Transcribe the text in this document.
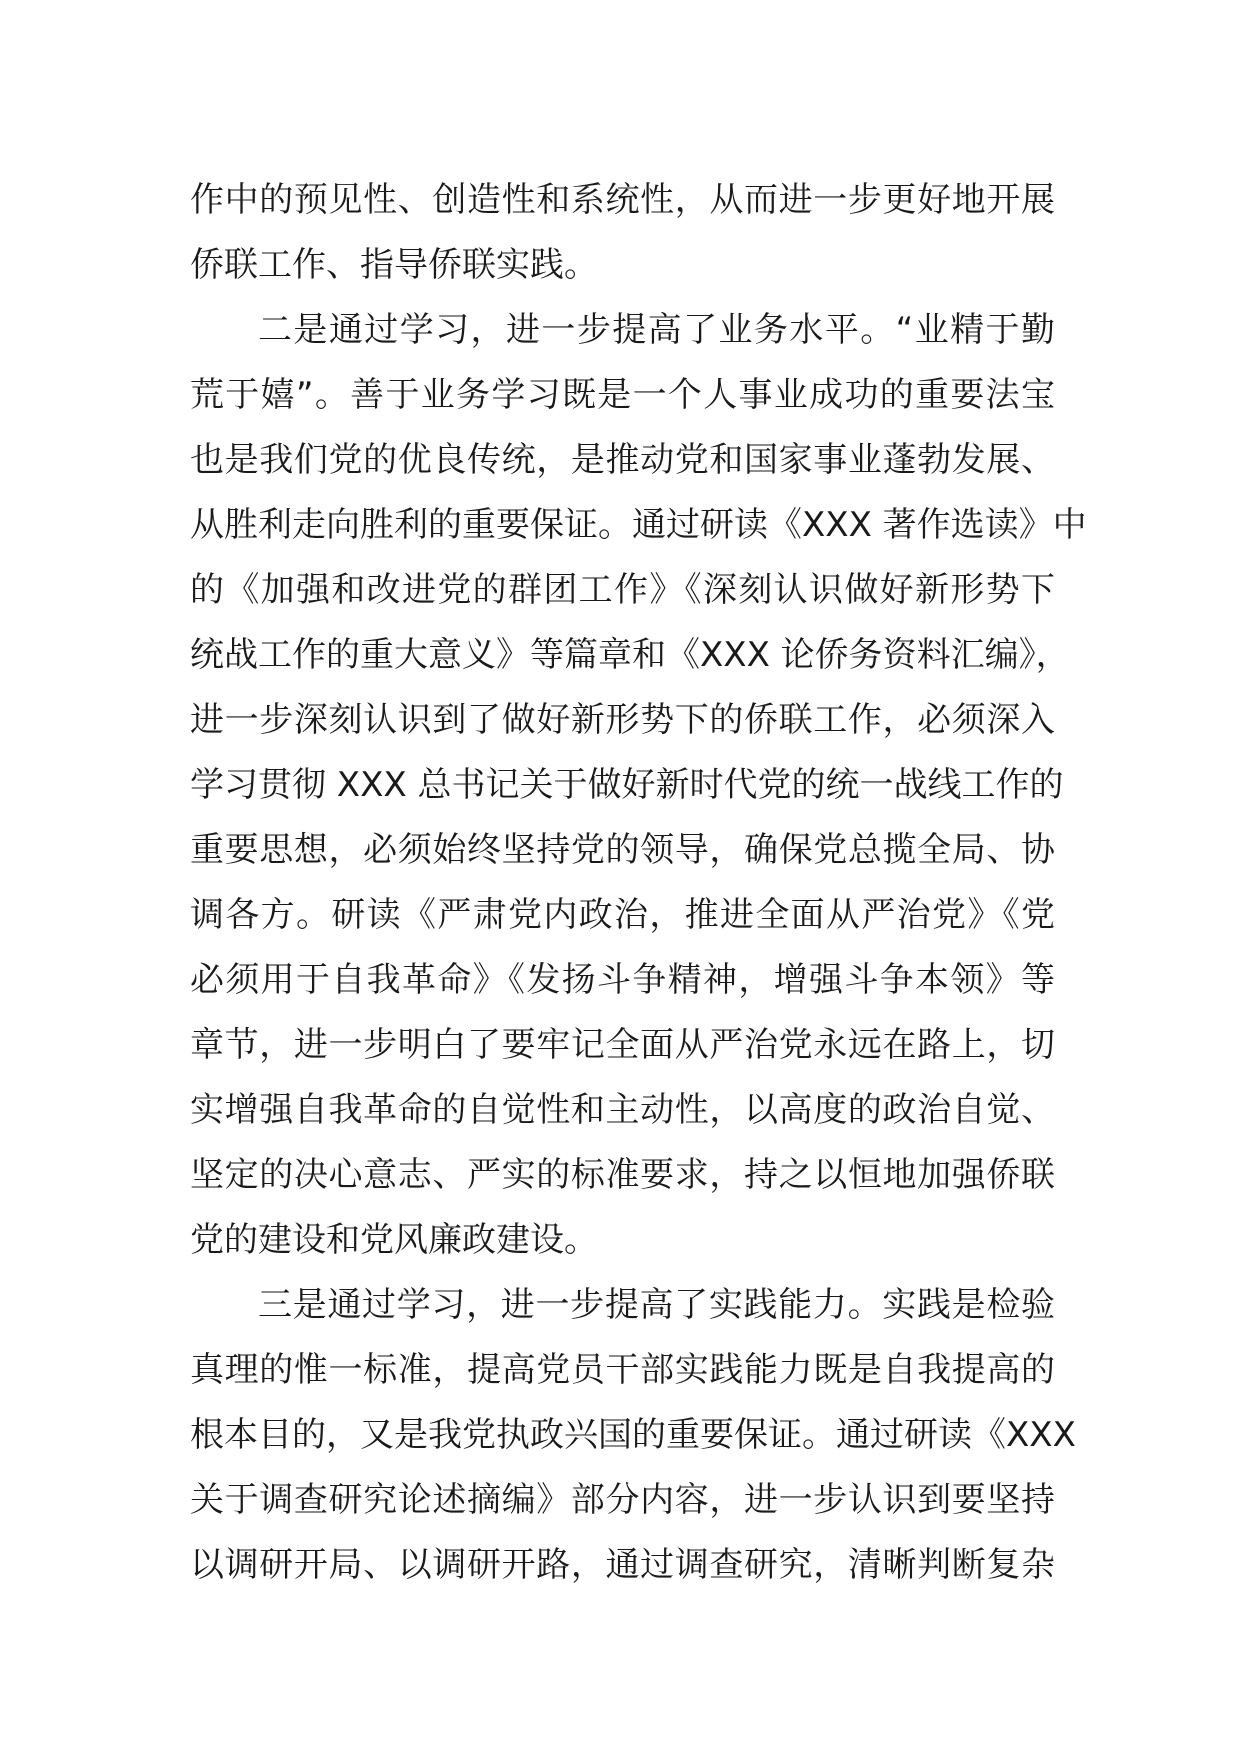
作中的预见性、创造性和系统性，从而进一步更好地开展
侨联工作、指导侨联实践。
二是通过学习，进一步提高了业务水平。“业精于勤
荒于嬉”。善于业务学习既是一个人事业成功的重要法宝
也是我们党的优良传统，是推动党和国家事业蓬勃发展、
从胜利走向胜利的重要保证。通过研读《XXX 著作选读》中
的《加强和改进党的群团工作》《深刻认识做好新形势下
统战工作的重大意义》等篇章和《XXX 论侨务资料汇编》，
进一步深刻认识到了做好新形势下的侨联工作，必须深入
学习贯彻 XXX 总书记关于做好新时代党的统一战线工作的
重要思想，必须始终坚持党的领导，确保党总揽全局、协
调各方。研读《严肃党内政治，推进全面从严治党》《党
必须用于自我革命》《发扬斗争精神，增强斗争本领》等
章节，进一步明白了要牢记全面从严治党永远在路上，切
实增强自我革命的自觉性和主动性，以高度的政治自觉、
坚定的决心意志、严实的标准要求，持之以恒地加强侨联
党的建设和党风廉政建设。
三是通过学习，进一步提高了实践能力。实践是检验
真理的惟一标准，提高党员干部实践能力既是自我提高的
根本目的，又是我党执政兴国的重要保证。通过研读《XXX
关于调查研究论述摘编》部分内容，进一步认识到要坚持
以调研开局、以调研开路，通过调查研究，清晰判断复杂
